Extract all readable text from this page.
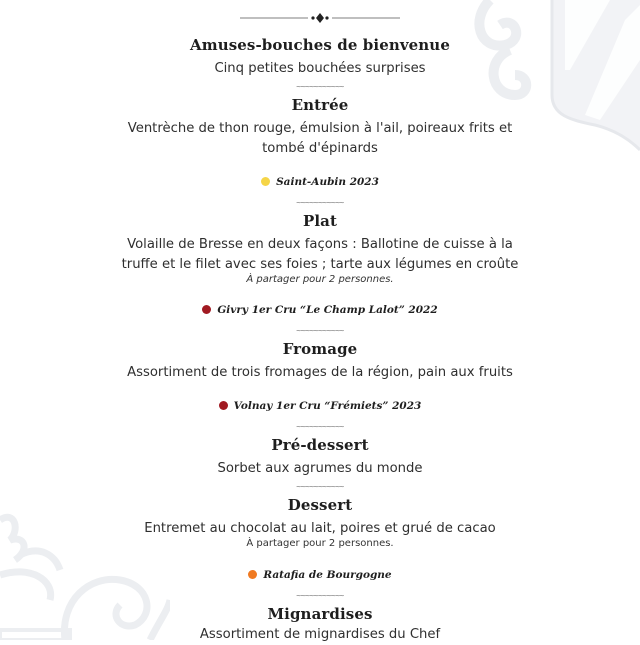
Amuses-bouches de bienvenue
Cinq petites bouchées surprises
~~~~~~~~~~~
Entrée
Ventrèche de thon rouge, émulsion à l'ail, poireaux frits et
tombé d'épinards
Saint-Aubin 2023
~~~~~~~~~~~
Plat
Volaille de Bresse en deux façons : Ballotine de cuisse à la
truffe et le filet avec ses foies ; tarte aux légumes en croûte
À partager pour 2 personnes.
Givry 1er Cru “Le Champ Lalot” 2022
~~~~~~~~~~~
Fromage
Assortiment de trois fromages de la région, pain aux fruits
Volnay 1er Cru “Frémiets” 2023
~~~~~~~~~~~
Pré-dessert
Sorbet aux agrumes du monde
~~~~~~~~~~~
Dessert
Entremet au chocolat au lait, poires et grué de cacao
À partager pour 2 personnes.
Ratafia de Bourgogne
~~~~~~~~~~~
Mignardises
Assortiment de mignardises du Chef
